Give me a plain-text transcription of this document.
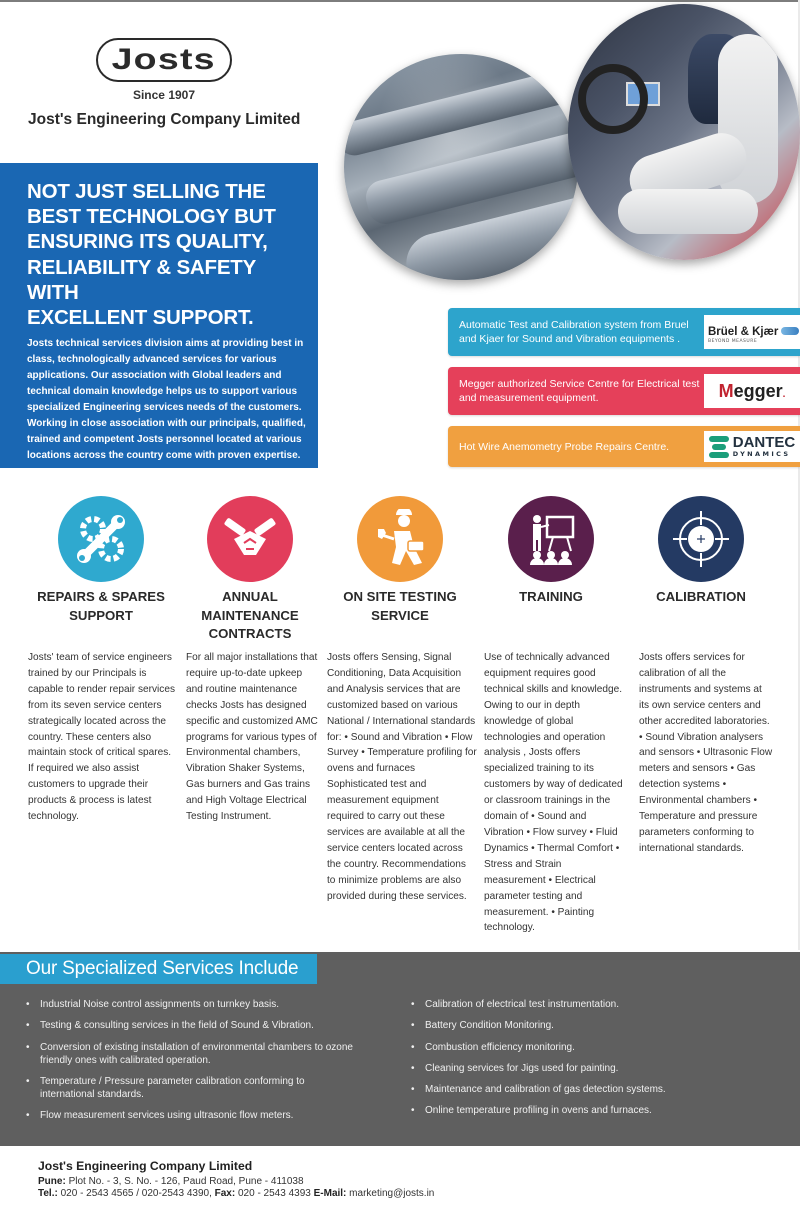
Josts
Since 1907
Jost's Engineering Company Limited
NOT JUST SELLING THE
BEST TECHNOLOGY BUT
ENSURING ITS QUALITY,
RELIABILITY & SAFETY WITH
EXCELLENT SUPPORT.
Josts technical services division aims at providing best in class, technologically advanced services for various applications. Our association with Global leaders and technical domain knowledge helps us to support various specialized Engineering services needs of the customers. Working in close association with our principals, qualified, trained and competent Josts personnel located at various locations across the country come with proven expertise.
Automatic Test and Calibration system from Bruel and Kjaer for Sound and Vibration equipments .
Brüel & Kjær
BEYOND MEASURE
Megger authorized Service Centre for Electrical test and measurement equipment.	Megger.
Hot Wire Anemometry Probe Repairs Centre.	DANTEC
DYNAMICS
REPAIRS & SPARES SUPPORT
ANNUAL MAINTENANCE CONTRACTS
ON SITE TESTING SERVICE
TRAINING	CALIBRATION
Josts' team of service engineers trained by our Principals is capable to render repair services from its seven service centers strategically located across the country. These centers also maintain stock of critical spares. If required we also assist customers to upgrade their products & process is latest technology.
For all major installations that require up-to-date upkeep and routine maintenance checks Josts has designed specific and customized AMC programs for various types of Environmental chambers, Vibration Shaker Systems, Gas burners and Gas trains and High Voltage Electrical Testing Instrument.
Josts offers Sensing, Signal Conditioning, Data Acquisition and Analysis services that are customized based on various National / International standards for: • Sound and Vibration • Flow Survey • Temperature profiling for ovens and furnaces Sophisticated test and measurement equipment required to carry out these services are available at all the service centers located across the country. Recommendations to minimize problems are also provided during these services.
Use of technically advanced equipment requires good technical skills and knowledge. Owing to our in depth knowledge of global technologies and operation analysis , Josts offers specialized training to its customers by way of dedicated or classroom trainings in the domain of • Sound and Vibration • Flow survey • Fluid Dynamics • Thermal Comfort • Stress and Strain measurement • Electrical parameter testing and measurement. • Painting technology.
Josts offers services for calibration of all the instruments and systems at its own service centers and other accredited laboratories. • Sound Vibration analysers and sensors • Ultrasonic Flow meters and sensors • Gas detection systems • Environmental chambers • Temperature and pressure parameters conforming to international standards.
Our Specialized Services Include
• Industrial Noise control assignments on turnkey basis.
• Testing & consulting services in the field of Sound & Vibration.
• Conversion of existing installation of environmental chambers to ozone friendly ones with calibrated operation.
• Temperature / Pressure parameter calibration conforming to international standards.
• Flow measurement services using ultrasonic flow meters.
• Calibration of electrical test instrumentation.
• Battery Condition Monitoring.
• Combustion efficiency monitoring.
• Cleaning services for Jigs used for painting.
• Maintenance and calibration of gas detection systems.
• Online temperature profiling in ovens and furnaces.
Jost's Engineering Company Limited
Pune: Plot No. - 3, S. No. - 126, Paud Road, Pune - 411038
Tel.: 020 - 2543 4565 / 020-2543 4390, Fax: 020 - 2543 4393 E-Mail: marketing@josts.in
